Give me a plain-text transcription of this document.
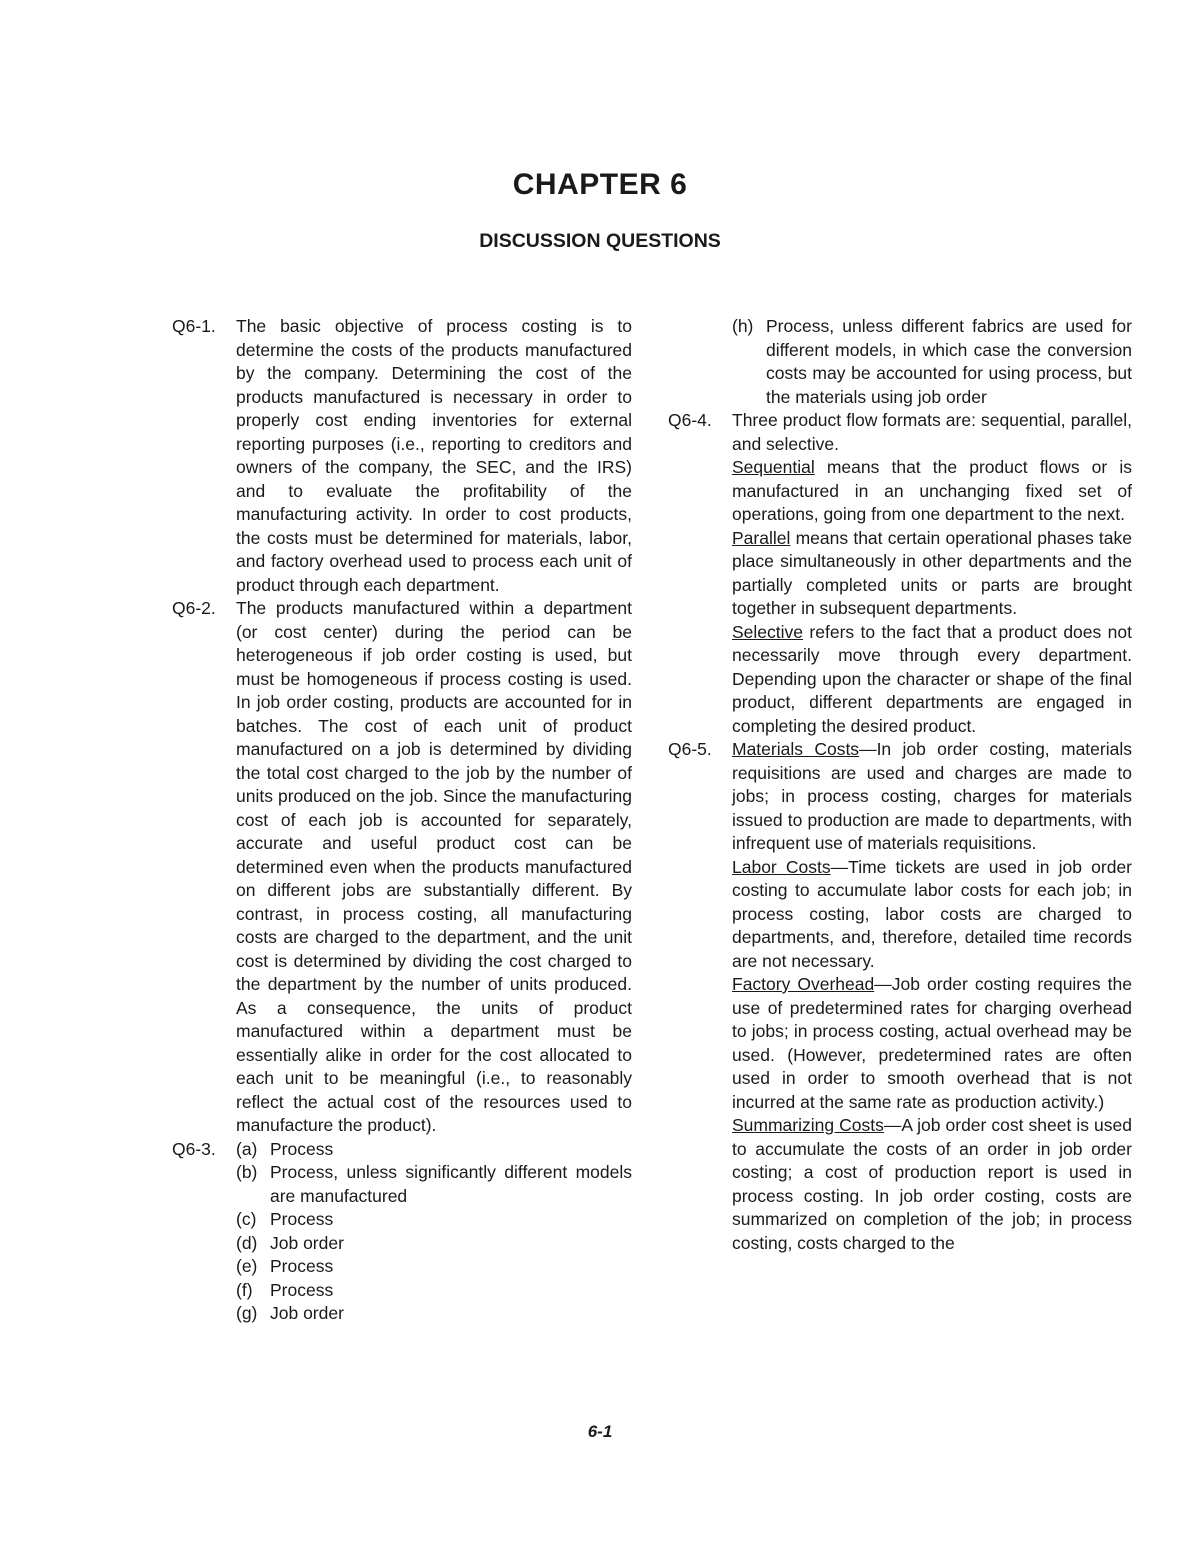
CHAPTER 6
DISCUSSION QUESTIONS
Q6-1. The basic objective of process costing is to determine the costs of the products manufactured by the company. Determining the cost of the products manufactured is necessary in order to properly cost ending inventories for external reporting purposes (i.e., reporting to creditors and owners of the company, the SEC, and the IRS) and to evaluate the profitability of the manufacturing activity. In order to cost products, the costs must be determined for materials, labor, and factory overhead used to process each unit of product through each department.
Q6-2. The products manufactured within a department (or cost center) during the period can be heterogeneous if job order costing is used, but must be homogeneous if process costing is used. In job order costing, products are accounted for in batches. The cost of each unit of product manufactured on a job is determined by dividing the total cost charged to the job by the number of units produced on the job. Since the manufacturing cost of each job is accounted for separately, accurate and useful product cost can be determined even when the products manufactured on different jobs are substantially different. By contrast, in process costing, all manufacturing costs are charged to the department, and the unit cost is determined by dividing the cost charged to the department by the number of units produced. As a consequence, the units of product manufactured within a department must be essentially alike in order for the cost allocated to each unit to be meaningful (i.e., to reasonably reflect the actual cost of the resources used to manufacture the product).
Q6-3. (a) Process
(b) Process, unless significantly different models are manufactured
(c) Process
(d) Job order
(e) Process
(f) Process
(g) Job order
(h) Process, unless different fabrics are used for different models, in which case the conversion costs may be accounted for using process, but the materials using job order
Q6-4. Three product flow formats are: sequential, parallel, and selective.
Sequential means that the product flows or is manufactured in an unchanging fixed set of operations, going from one department to the next.
Parallel means that certain operational phases take place simultaneously in other departments and the partially completed units or parts are brought together in subsequent departments.
Selective refers to the fact that a product does not necessarily move through every department. Depending upon the character or shape of the final product, different departments are engaged in completing the desired product.
Q6-5. Materials Costs—In job order costing, materials requisitions are used and charges are made to jobs; in process costing, charges for materials issued to production are made to departments, with infrequent use of materials requisitions.
Labor Costs—Time tickets are used in job order costing to accumulate labor costs for each job; in process costing, labor costs are charged to departments, and, therefore, detailed time records are not necessary.
Factory Overhead—Job order costing requires the use of predetermined rates for charging overhead to jobs; in process costing, actual overhead may be used. (However, predetermined rates are often used in order to smooth overhead that is not incurred at the same rate as production activity.)
Summarizing Costs—A job order cost sheet is used to accumulate the costs of an order in job order costing; a cost of production report is used in process costing. In job order costing, costs are summarized on completion of the job; in process costing, costs charged to the
6-1
